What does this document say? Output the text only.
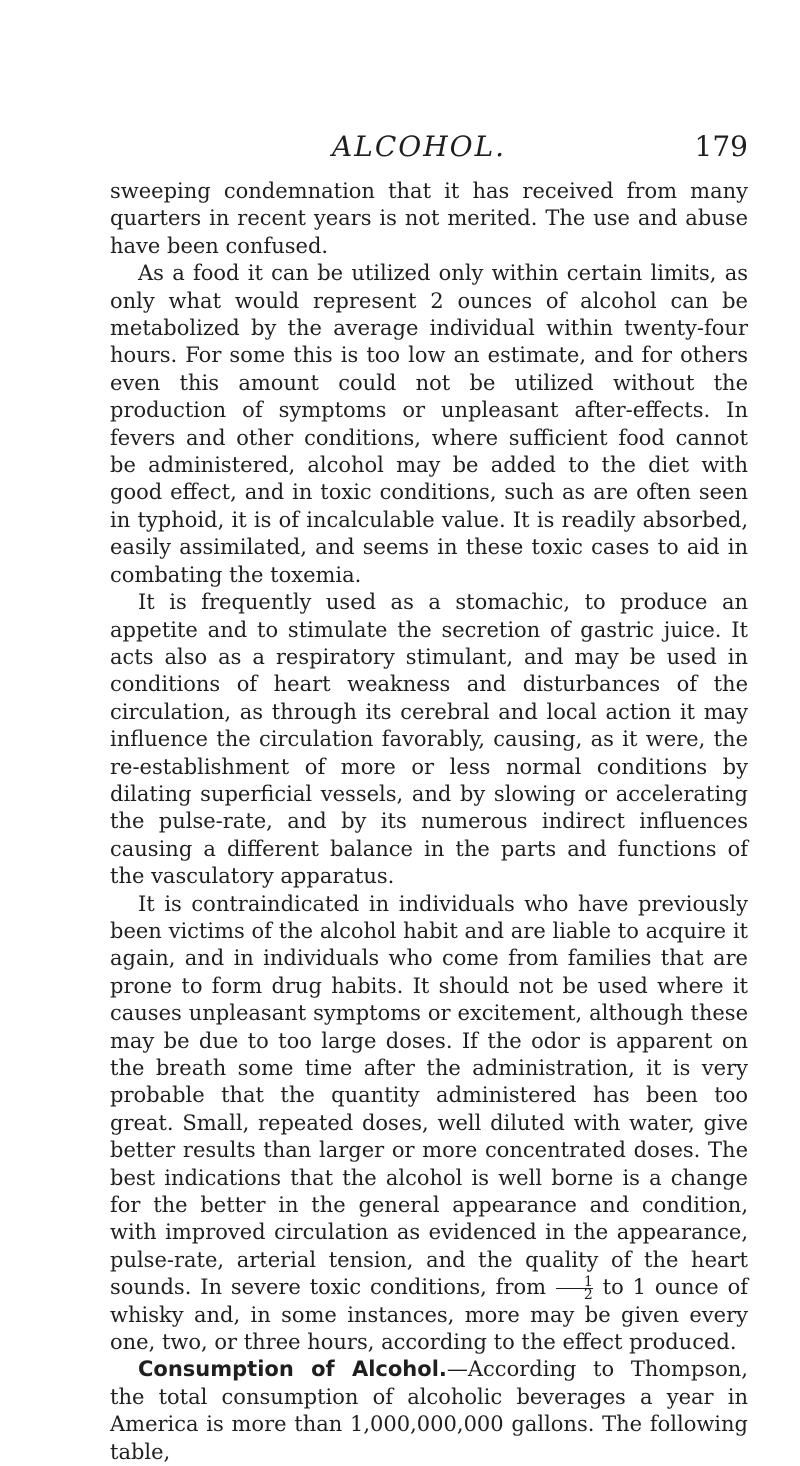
ALCOHOL.	179

sweeping condemnation that it has received from many quarters in recent years is not merited. The use and abuse have been confused.

As a food it can be utilized only within certain limits, as only what would represent 2 ounces of alcohol can be metabolized by the average individual within twenty-four hours. For some this is too low an estimate, and for others even this amount could not be utilized without the production of symptoms or unpleasant after-effects. In fevers and other conditions, where sufficient food cannot be administered, alcohol may be added to the diet with good effect, and in toxic conditions, such as are often seen in typhoid, it is of incalculable value. It is readily absorbed, easily assimilated, and seems in these toxic cases to aid in combating the toxemia.

It is frequently used as a stomachic, to produce an appetite and to stimulate the secretion of gastric juice. It acts also as a respiratory stimulant, and may be used in conditions of heart weakness and disturbances of the circulation, as through its cerebral and local action it may influence the circulation favorably, causing, as it were, the re-establishment of more or less normal conditions by dilating superficial vessels, and by slowing or accelerating the pulse-rate, and by its numerous indirect influences causing a different balance in the parts and functions of the vasculatory apparatus.

It is contraindicated in individuals who have previously been victims of the alcohol habit and are liable to acquire it again, and in individuals who come from families that are prone to form drug habits. It should not be used where it causes unpleasant symptoms or excitement, although these may be due to too large doses. If the odor is apparent on the breath some time after the administration, it is very probable that the quantity administered has been too great. Small, repeated doses, well diluted with water, give better results than larger or more concentrated doses. The best indications that the alcohol is well borne is a change for the better in the general appearance and condition, with improved circulation as evidenced in the appearance, pulse-rate, arterial tension, and the quality of the heart sounds. In severe toxic conditions, from $\frac{1}{2}$ to 1 ounce of whisky and, in some instances, more may be given every one, two, or three hours, according to the effect produced.

Consumption of Alcohol.—According to Thompson, the total consumption of alcoholic beverages a year in America is more than 1,000,000,000 gallons. The following table,
